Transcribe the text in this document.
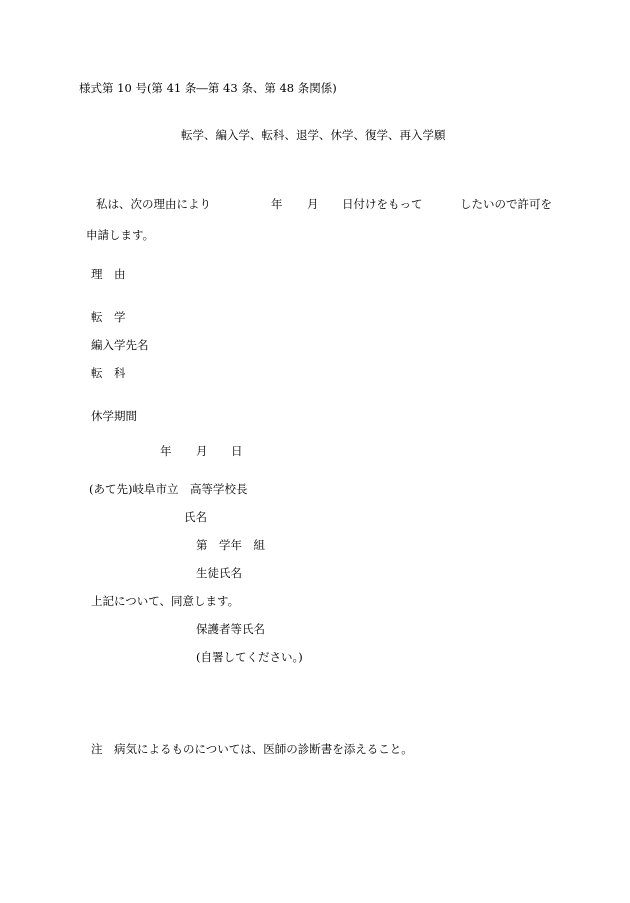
様式第 10 号(第 41 条―第 43 条、第 48 条関係)
転学、編入学、転科、退学、休学、復学、再入学願
私は、次の理由により	年 月 日付けをもって	したいので許可を
申請します。
理　由
転　学
編入学先名
転　科
休学期間
年 月 日
(あて先)岐阜市立　高等学校長
氏名
第　学年　組
生徒氏名
上記について、同意します。
保護者等氏名
(自署してください。)
注　病気によるものについては、医師の診断書を添えること。
